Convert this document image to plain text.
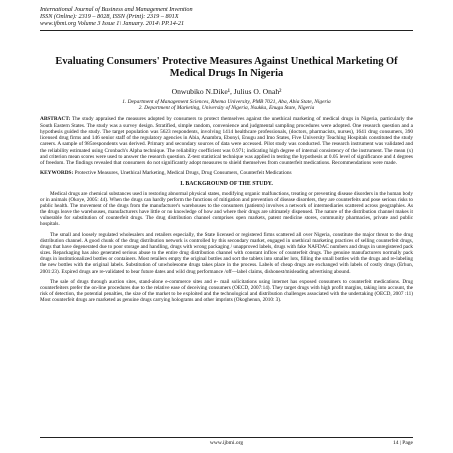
International Journal of Business and Management Invention
ISSN (Online): 2319 – 8028, ISSN (Print): 2319 – 801X
www.ijbmi.org Volume 3 Issue 1\ January. 2014\ PP.14-21
Evaluating Consumers' Protective Measures Against Unethical Marketing Of Medical Drugs In Nigeria
Onwubiko N.Dike¹, Julius O. Onah²
1. Department of Management Sciences, Rhema University, PMB 7021, Aba, Abia State, Nigeria
2. Department of Marketing, University of Nigeria, Nsukka, Enugu State, Nigeria
ABSTRACT: The study appraised the measures adopted by consumers to protect themselves against the unethical marketing of medical drugs in Nigeria, particularly the South Eastern States. The study was a survey design. Stratified, simple random, convenience and judgmental sampling procedures were adopted. One research question and a hypothesis guided the study. The target population was 5623 respondents, involving 1414 healthcare professionals, (doctors, pharmacists, nurses), 1641 drug consumers, 390 licensed drug firms and 146 senior staff of the regulatory agencies in Abia, Anambra, Ebonyi, Enugu and Imo States, Five University Teaching Hospitals constituted the study careers. A sample of 985respondents was derived. Primary and secondary sources of data were accessed. Pilot study was conducted. The research instrument was validated and the reliability estimated using Cronbach's Alpha technique. The reliability coefficient was 0.971; indicating high degree of internal consistency of the instrument. The mean (x) and criterion mean scores were used to answer the research question. Z-test statistical technique was applied in testing the hypothesis at 0.05 level of significance and 4 degrees of freedom. The findings revealed that consumers do not significantly adopt measures to shield themselves from counterfeit medications. Recommendations were made.
KEYWORDS: Protective Measures, Unethical Marketing, Medical Drugs, Drug Consumers, Counterfeit Medications
I. BACKGROUND OF THE STUDY.
Medical drugs are chemical substances used in restoring abnormal physical states, modifying organic malfunctions, treating or preventing disease disorders in the human body or in animals (Okoye, 2005: 44). When the drugs can hardly perform the functions of mitigation and prevention of disease disorders, they are counterfeits and pose serious risks to public health. The movement of the drugs from the manufacturer's warehouses to the consumers (patients) involves a network of intermediaries scattered across geographies. As the drugs leave the warehouses, manufacturers have little or no knowledge of how and where their drugs are ultimately dispensed. The nature of the distribution channel makes it vulnerable for substitution of counterfeit drugs. The drug distribution channel comprises open markets, patent medicine stores, community pharmacies, private and public hospitals.
The small and loosely regulated wholesalers and retailers especially, the State licensed or registered firms scattered all over Nigeria, constitute the major threat to the drug distribution channel. A good chunk of the drug distribution network is controlled by this secondary market, engaged in unethical marketing practices of selling counterfeit drugs, drugs that have degenerated due to poor storage and handling, drugs with wrong packaging / unapproved labels, drugs with fake NAFDAC numbers and drugs in unregistered pack sizes. Repackaging has also generated serious abuse to the entire drug distribution channel with constant inflow of counterfeit drugs. The genuine manufacturers normally pack drugs in institutionalized bottles or containers. Most retailers empty the original bottles and sort the tablets into smaller lots, filling the small bottles with the drugs and re-labeling the new bottles with the original labels. Substitution of unwholesome drugs takes place in the process. Labels of cheap drugs are exchanged with labels of costly drugs (Erhun, 2001:23). Expired drugs are re-validated to bear future dates and wild drug performance /off—label claims, dishonest/misleading advertising abound.
The sale of drugs through auction sites, stand-alone e-commerce sites and e- mail solicitations using internet has exposed consumers to counterfeit medications. Drug counterfeiters prefer the on-line procedures due to the relative ease of deceiving consumers (OECD, 2007:14). They target drugs with high profit margins, taking into account, the risk of detection, the potential penalties, the size of the market to be exploited and the technological and distribution challenges associated with the undertaking (OECD, 2007 :11) Most counterfeit drugs are marketed as genuine drugs carrying holograms and other imprints (Okoghenun, 2010: 3).
www.ijbmi.org	14 | Page
